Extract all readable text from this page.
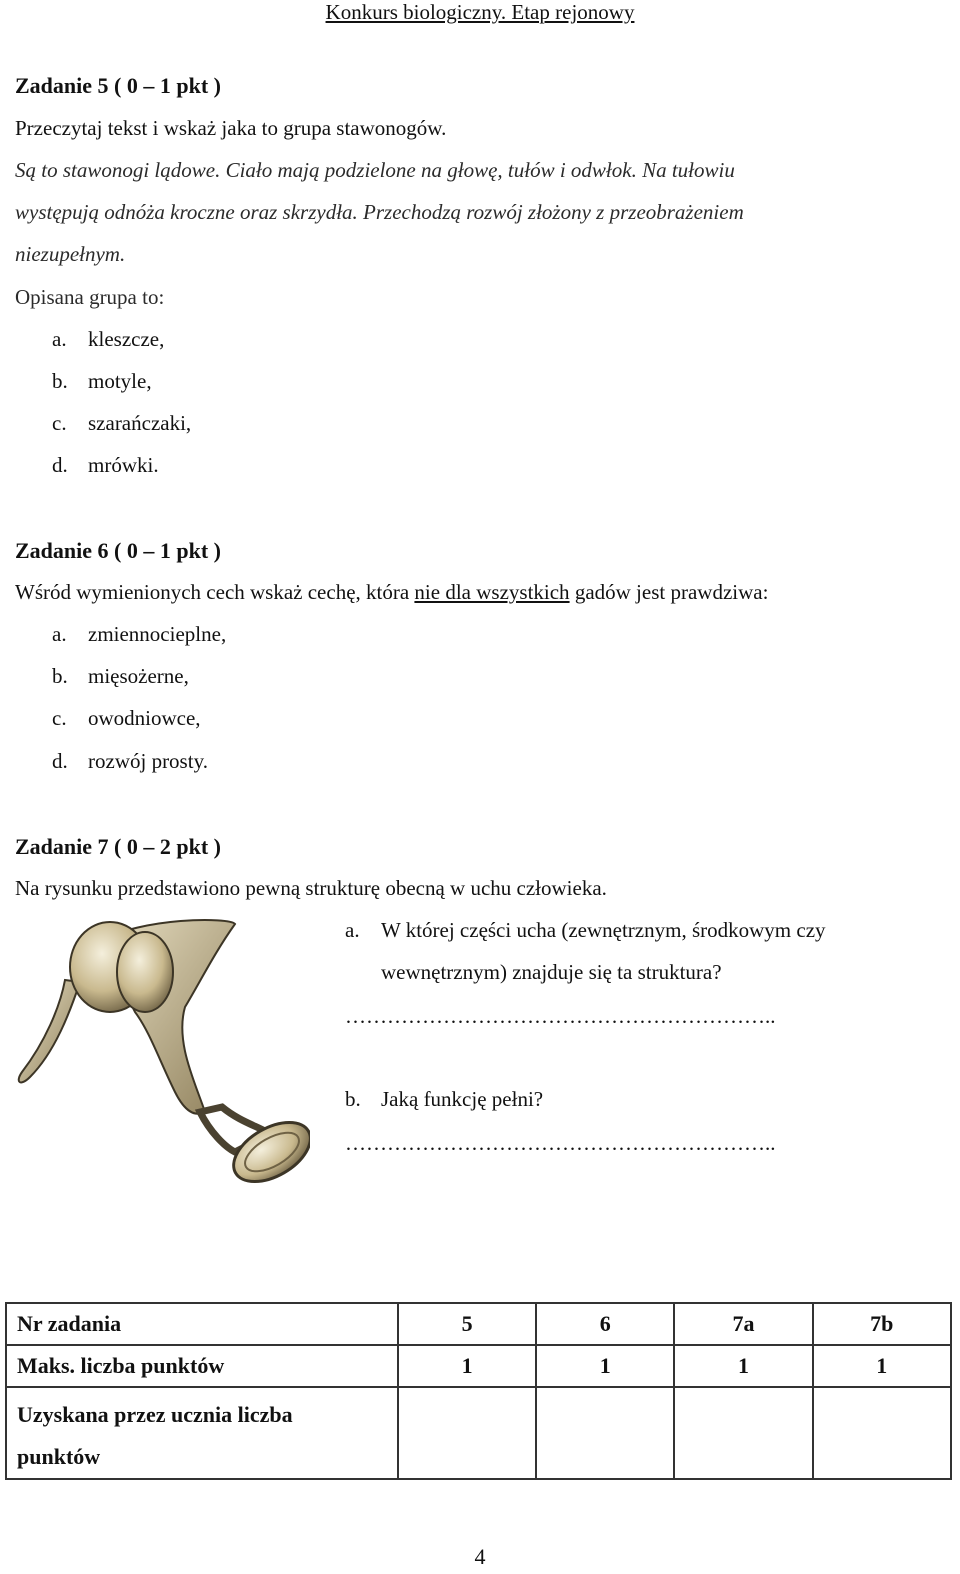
Konkurs biologiczny. Etap rejonowy
Zadanie 5 ( 0 – 1 pkt )
Przeczytaj tekst i wskaż jaka to grupa stawonogów.
Są to stawonogi lądowe. Ciało mają podzielone na głowę, tułów i odwłok. Na tułowiu
występują odnóża kroczne oraz skrzydła. Przechodzą rozwój złożony z przeobrażeniem
niezupełnym.
Opisana grupa to:
a. kleszcze,
b. motyle,
c. szarańczaki,
d. mrówki.
Zadanie 6 ( 0 – 1 pkt )
Wśród wymienionych cech wskaż cechę, która nie dla wszystkich gadów jest prawdziwa:
a. zmiennocieplne,
b. mięsożerne,
c. owodniowce,
d. rozwój prosty.
Zadanie 7 ( 0 – 2 pkt )
Na rysunku przedstawiono pewną strukturę obecną w uchu człowieka.
a. W której części ucha (zewnętrznym, środkowym czy
wewnętrznym) znajduje się ta struktura?
……………………………………………………..
b. Jaką funkcję pełni?
……………………………………………………..
Nr zadania	5	6	7a	7b
Maks. liczba punktów	1	1	1	1
Uzyskana przez ucznia liczba
punktów				
4
